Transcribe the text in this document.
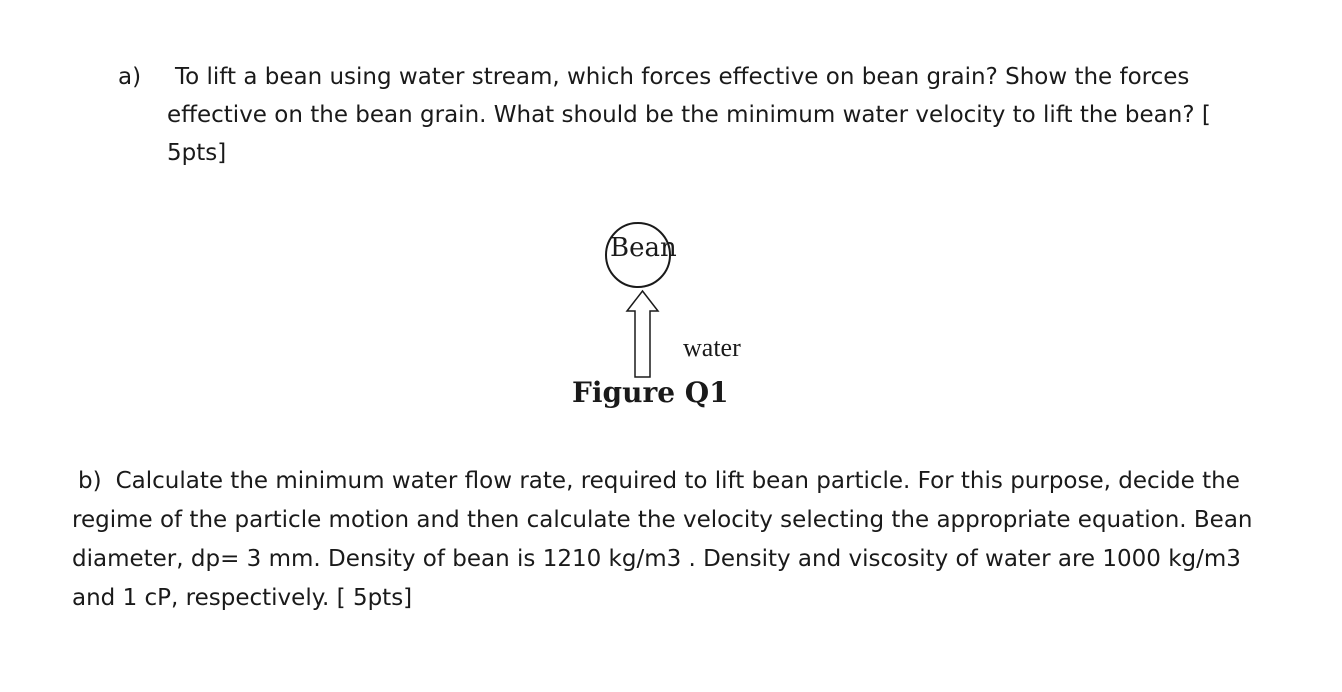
a)	To lift a bean using water stream, which forces effective on bean grain? Show the forces effective on the bean grain. What should be the minimum water velocity to lift the bean? [ 5pts]
Bean
water
Figure Q1
b) Calculate the minimum water flow rate, required to lift bean particle. For this purpose, decide the regime of the particle motion and then calculate the velocity selecting the appropriate equation. Bean diameter, dp= 3 mm. Density of bean is 1210 kg/m3 . Density and viscosity of water are 1000 kg/m3 and 1 cP, respectively. [ 5pts]
